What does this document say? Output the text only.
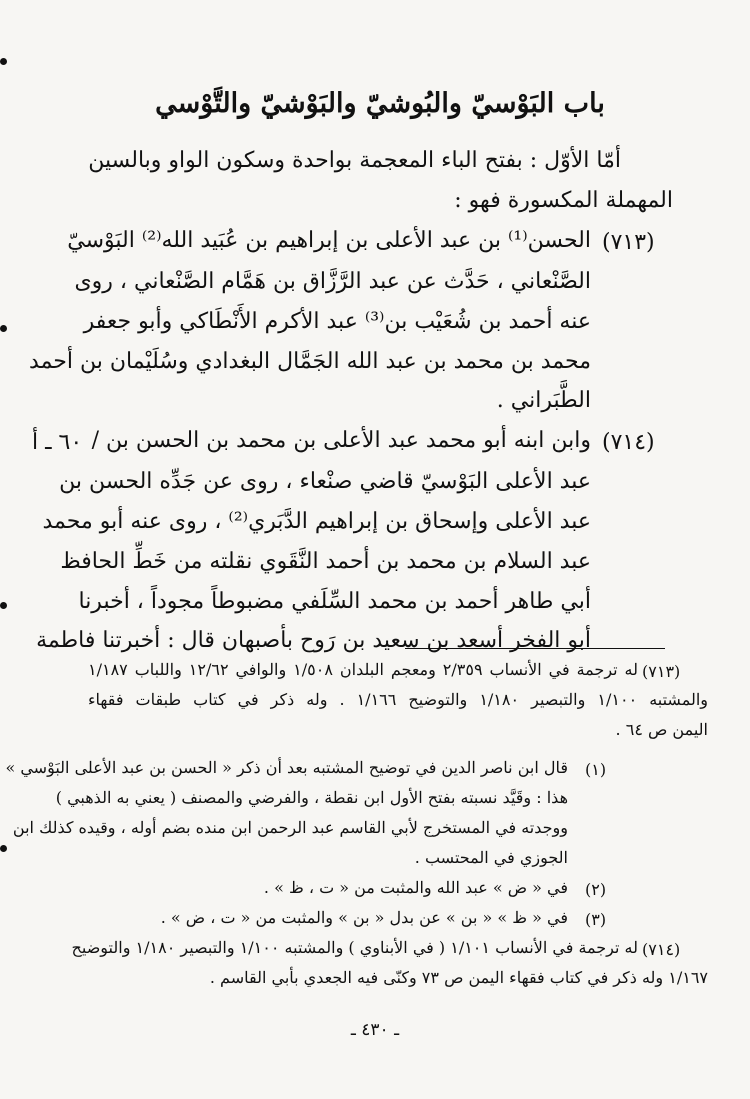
باب البَوْسيّ والبُوشيّ والبَوْشيّ والتَّوْسي
أمّا الأوّل : بفتح الباء المعجمة بواحدة وسكون الواو وبالسين
المهملة المكسورة فهو :
(٧١٣)
الحسن⁽¹⁾ بن عبد الأعلى بن إبراهيم بن عُبَيد الله⁽²⁾ البَوْسيّ
الصَّنْعاني ، حَدَّث عن عبد الرَّزَّاق بن هَمَّام الصَّنْعاني ، روى
عنه أحمد بن شُعَيْب بن⁽³⁾ عبد الأكرم الأَنْطَاكي وأبو جعفر
محمد بن محمد بن عبد الله الجَمَّال البغدادي وسُلَيْمان بن أحمد
الطَّبَراني .
(٧١٤)
٦٠ ـ أ وابن ابنه أبو محمد عبد الأعلى بن محمد بن الحسن بن /
عبد الأعلى البَوْسيّ قاضي صنْعاء ، روى عن جَدِّه الحسن بن
عبد الأعلى وإسحاق بن إبراهيم الدَّبَري⁽²⁾ ، روى عنه أبو محمد
عبد السلام بن محمد بن أحمد النَّقَوي نقلته من خَطِّ الحافظ
أبي طاهر أحمد بن محمد السِّلَفي مضبوطاً مجوداً ، أخبرنا
أبو الفخر أسعد بن سعيد بن رَوح بأصبهان قال : أخبرتنا فاطمة
(٧١٣)
له ترجمة في الأنساب ٢/٣٥٩ ومعجم البلدان ١/٥٠٨ والوافي ١٢/٦٢ واللباب ١/١٨٧
والمشتبه ١/١٠٠ والتبصير ١/١٨٠ والتوضيح ١/١٦٦ . وله ذكر في كتاب طبقات فقهاء
اليمن ص ٦٤ .
(١)
قال ابن ناصر الدين في توضيح المشتبه بعد أن ذكر « الحسن بن عبد الأعلى البَوْسي »
هذا : وقَيَّد نسبته بفتح الأول ابن نقطة ، والفرضي والمصنف ( يعني به الذهبي )
ووجدته في المستخرج لأبي القاسم عبد الرحمن ابن منده بضم أوله ، وقيده كذلك ابن
الجوزي في المحتسب .
(٢)
في « ض » عبد الله والمثبت من « ت ، ظ » .
(٣)
في « ظ » « بن » عن بدل « بن » والمثبت من « ت ، ض » .
(٧١٤)
له ترجمة في الأنساب ١/١٠١ ( في الأبناوي ) والمشتبه ١/١٠٠ والتبصير ١/١٨٠ والتوضيح
١/١٦٧ وله ذكر في كتاب فقهاء اليمن ص ٧٣ وكنّى فيه الجعدي بأبي القاسم .
ـ ٤٣٠ ـ
